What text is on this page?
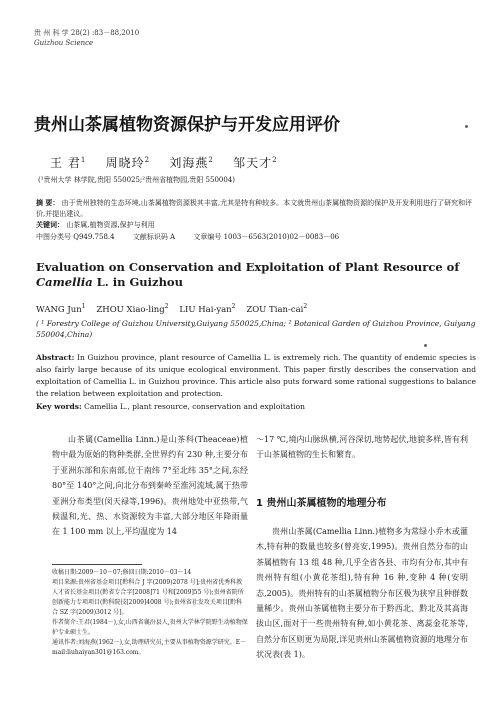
贵 州 科 学 28(2) :83－88,2010
Guizhou Science
贵州山茶属植物资源保护与开发应用评价
王 君$^1$ 周晓玲$^2$ 刘海燕$^2$ 邹天才$^2$
(¹贵州大学 林学院,贵阳 550025;²贵州省植物园,贵阳 550004)
摘 要： 由于贵州独特的生态环境,山茶属植物资源极其丰富,尤其是特有种较多。本文就贵州山茶属植物资源的保护及开发利用进行了研究和评价,并提出建议。
关键词： 山茶属,植物资源,保护与利用
中图分类号 Q949.758.4	文献标识码 A	文章编号 1003－6563(2010)02－0083－06
Evaluation on Conservation and Exploitation of Plant Resource of Camellia L. in Guizhou
WANG Jun$^1$ ZHOU Xiao-ling$^2$ LIU Hai-yan$^2$ ZOU Tian-cai$^2$
( ¹ Forestry College of Guizhou University,Guiyang 550025,China; ² Botanical Garden of Guizhou Province, Guiyang 550004,China)
Abstract: In Guizhou province, plant resource of Camellia L. is extremely rich. The quantity of endemic species is also fairly large because of its unique ecological environment. This paper firstly describes the conservation and exploitation of Camellia L. in Guizhou province. This article also puts forward some rational suggestions to balance the relation between exploitation and protection.
Key words: Camellia L., plant resource, conservation and exploitation
山茶属(Camellia Linn.)是山茶科(Theaceae)植物中最为原始的物种类群,全世界约有 230 种,主要分布于亚洲东部和东南部,位于南纬 7°至北纬 35°之间,东经 80°至 140°之间,向北分布到秦岭至淮河流域,属于热带亚洲分布类型(闵天禄等,1996)。贵州地处中亚热带,气候温和,光、热、水资源较为丰富,大部分地区年降雨量在 1 100 mm 以上,平均温度为 14
～17 ℃,境内山脉纵横,河谷深切,地势起伏,地貌多样,皆有利于山茶属植物的生长和繁育。
1 贵州山茶属植物的地理分布
贵州山茶属(Camellia Linn.)植物多为常绿小乔木或灌木,特有种的数量也较多(曾亮安,1995)。贵州自然分布的山茶属植物有 13 组 48 种,几乎全省各县、市均有分布,其中有贵州特有组(小黄花茶组),特有种 16 种,变种 4 种(安明态,2005)。贵州特有的山茶属植物分布区极为狭窄且种群数量稀少。贵州山茶属植物主要分布于黔西北、黔北及其高海拔山区,面对于一些贵州特有种,如小黄花茶、离蕊金花茶等,自然分布区则更为局限,详见贵州山茶属植物资源的地理分布状况表(表 1)。
收稿日期:2009－10－07;修回日期:2010－03－14
项目来源:贵州省基金项目[黔科合 J 字(2009)2078 号];贵州省优秀科教人才省长基金项目(黔省专合字[2008]71 号和[2009]55 号);贵州省院所创新能力专项项目(黔科院技[2009]4008 号);贵州省社发攻关项目[黔科合 SZ 字(2009)3012 号]。
作者简介:王君(1984－),女,山西省襄汾县人,贵州大学林学院野生动植物保护专业硕士生。
通讯作者:刘海燕(1962－),女,助理研究员,主要从事植物资源学研究。E－mail:liuhaiyan301@163.com。
